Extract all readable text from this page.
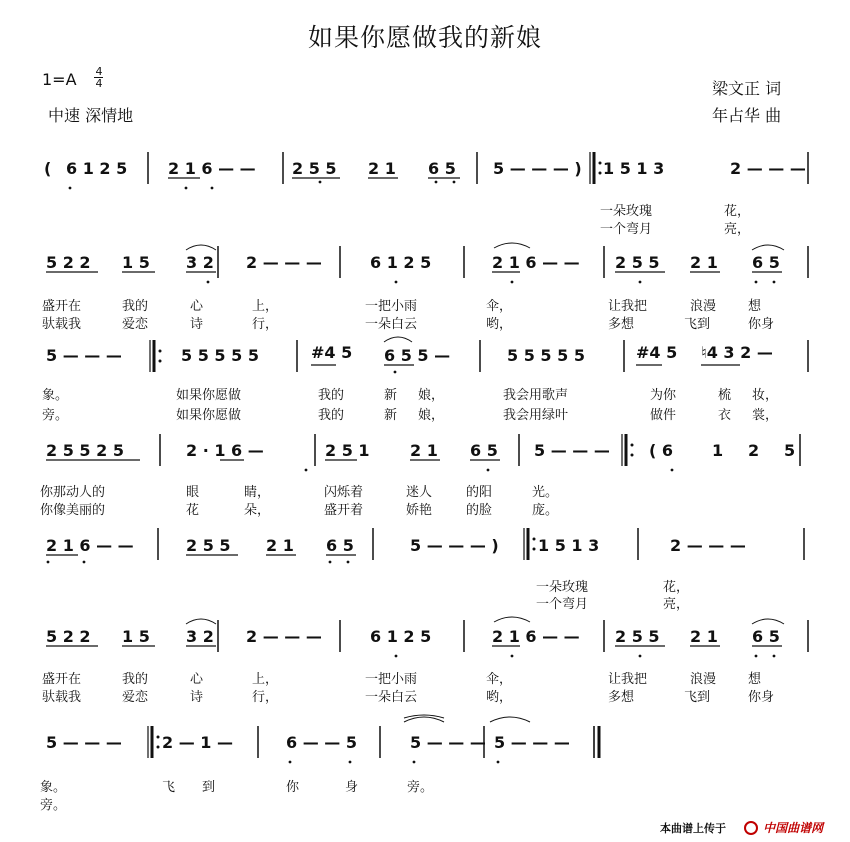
如果你愿做我的新娘
1=A 4
4
中速 深情地
梁文正 词
年占华 曲
( 6 1 2 5	2 1 6 — — 2 5 5 2 1 6 5 5 — — — ) 1 5 1 3	2 — — —
一朵玫瑰	花，
一个弯月	亮，
5 2 2 1 5 3 2 2 — — —	6 1 2 5	2 1 6 — — 2 5 5 2 1 6 5
盛开在	我的	心	上，	一把小雨	伞，	让我把	浪漫 想
驮载我	爱恋	诗	行，	一朵白云	哟，	多想	飞到	你身
5 — — —	5 5 5 5 5	#4 5 6 5 5 —	5 5 5 5 5	#4 5 ♮4 3 2 —
象。	如果你愿做	我的	新 娘，	我会用歌声	为你	梳 妆，
旁。	如果你愿做	我的	新 娘，	我会用绿叶	做件	衣 裳，
2 5 5 2 5	2 · 1 6 —	2 5 1	2 1 6 5 5 — — — ( 6 1 2 5
你那动人的	眼	睛，	闪烁着	迷人	的阳	光。
你像美丽的	花	朵，	盛开着	娇艳	的脸	庞。
2 1 6 — —	2 5 5 2 1 6 5	5 — — — ) 1 5 1 3	2 — — —
一朵玫瑰	花，
一个弯月	亮，
5 2 2 1 5 3 2 2 — — —	6 1 2 5	2 1 6 — — 2 5 5 2 1 6 5
盛开在	我的	心	上，	一把小雨	伞，	让我把	浪漫 想
驮载我	爱恋	诗	行，	一朵白云	哟，	多想	飞到	你身
5 — — —	2 — 1 —	6 — — 5	5 — — — 5 — — —
象。	飞 到	你	身	旁。
旁。
本曲谱上传于	中国曲谱网
